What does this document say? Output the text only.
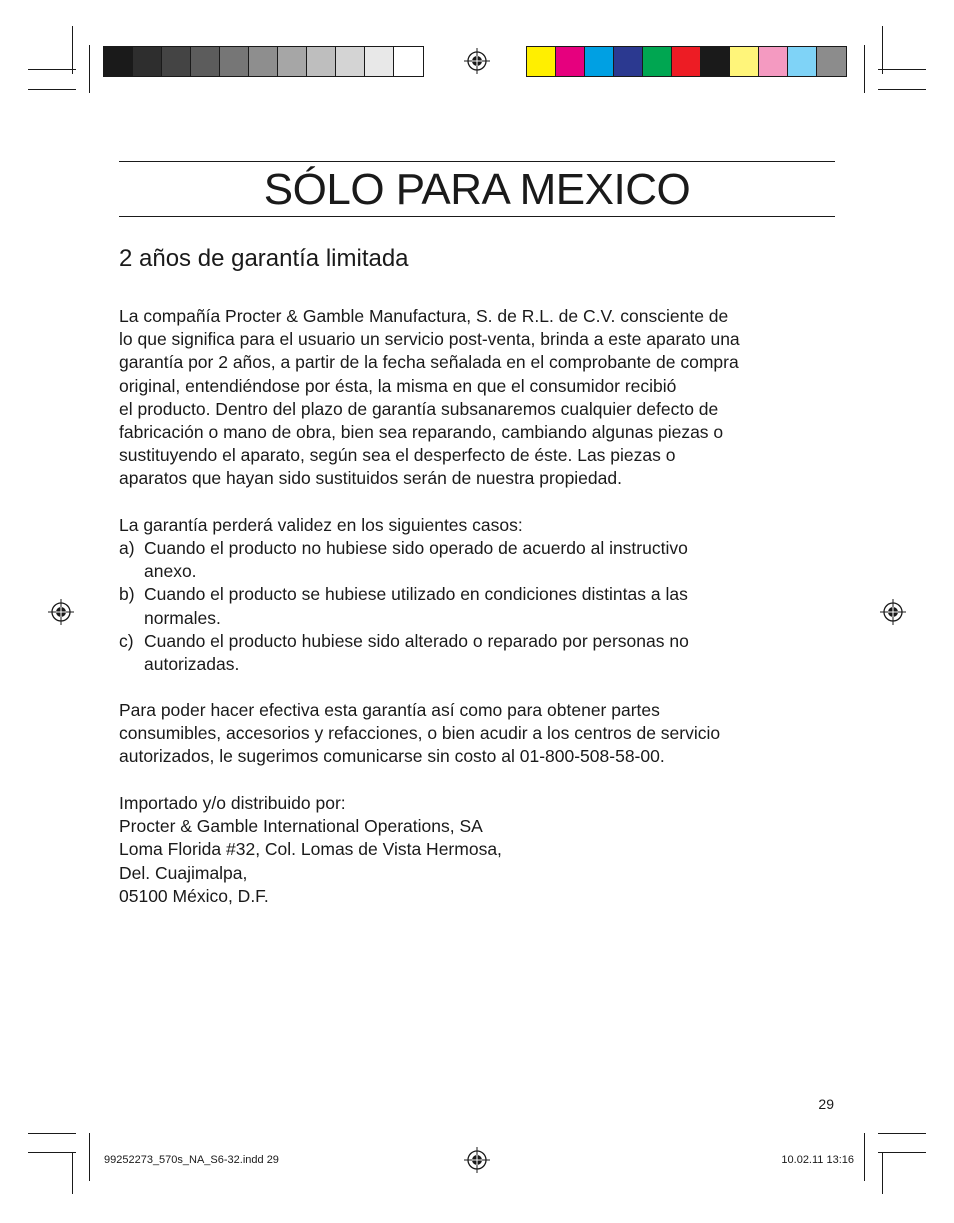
SÓLO PARA MEXICO
2 años de garantía limitada
La compañía Procter & Gamble Manufactura, S. de R.L. de C.V. consciente de
lo que significa para el usuario un servicio post-venta, brinda a este aparato una
garantía por 2 años, a partir de la fecha señalada en el comprobante de compra
original, entendiéndose por ésta, la misma en que el consumidor recibió
el producto. Dentro del plazo de garantía subsanaremos cualquier defecto de
fabricación o mano de obra, bien sea reparando, cambiando algunas piezas o
sustituyendo el aparato, según sea el desperfecto de éste. Las piezas o
aparatos que hayan sido sustituidos serán de nuestra propiedad.
La garantía perderá validez en los siguientes casos:
a) Cuando el producto no hubiese sido operado de acuerdo al instructivo
anexo.
b) Cuando el producto se hubiese utilizado en condiciones distintas a las
normales.
c) Cuando el producto hubiese sido alterado o reparado por personas no
autorizadas.
Para poder hacer efectiva esta garantía así como para obtener partes
consumibles, accesorios y refacciones, o bien acudir a los centros de servicio
autorizados, le sugerimos comunicarse sin costo al 01-800-508-58-00.
Importado y/o distribuido por:
Procter & Gamble International Operations, SA
Loma Florida #32, Col. Lomas de Vista Hermosa,
Del. Cuajimalpa,
05100 México, D.F.
29
99252273_570s_NA_S6-32.indd 29	10.02.11 13:16
